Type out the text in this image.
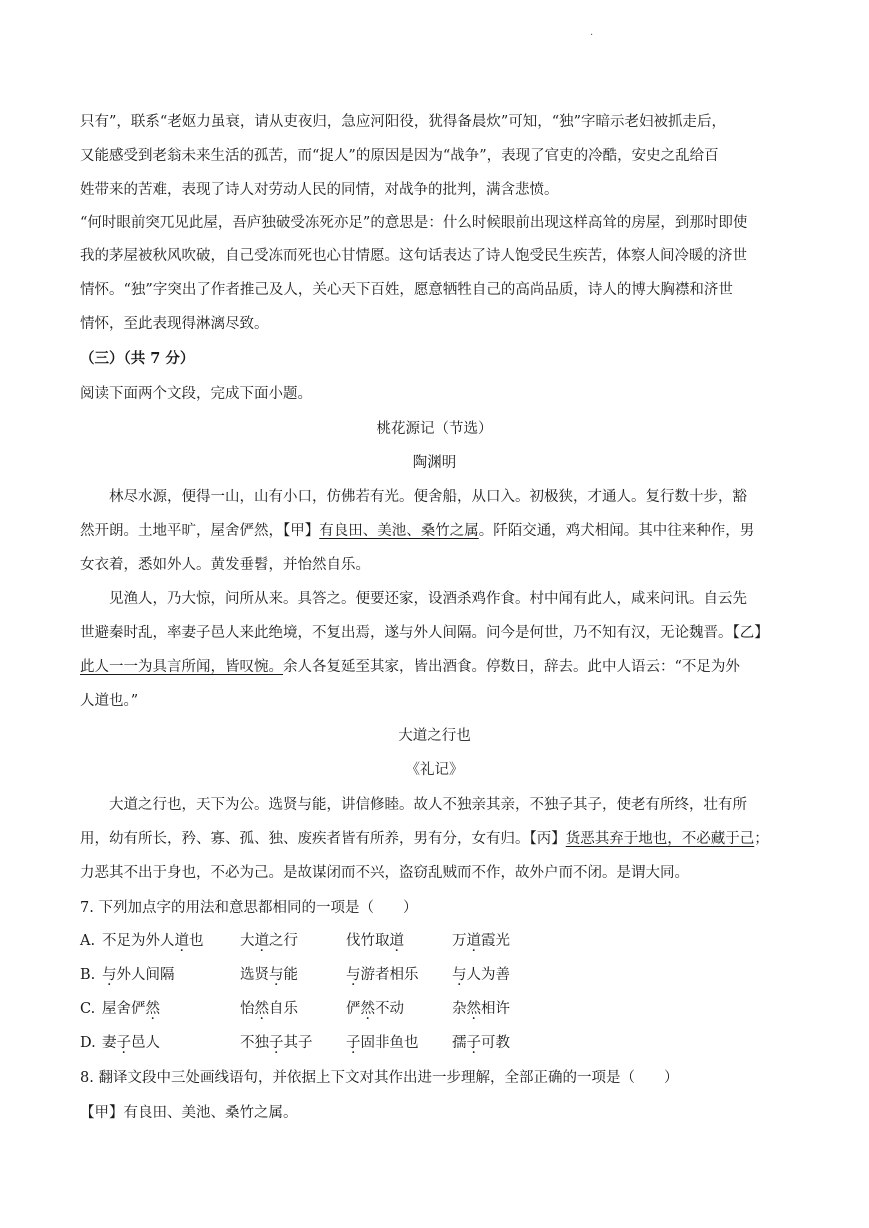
·
只有”，联系“老妪力虽衰，请从吏夜归，急应河阳役，犹得备晨炊”可知，“独”字暗示老妇被抓走后，
又能感受到老翁未来生活的孤苦，而“捉人”的原因是因为“战争”，表现了官吏的冷酷，安史之乱给百
姓带来的苦难，表现了诗人对劳动人民的同情，对战争的批判，满含悲愤。
“何时眼前突兀见此屋，吾庐独破受冻死亦足”的意思是：什么时候眼前出现这样高耸的房屋，到那时即使
我的茅屋被秋风吹破，自己受冻而死也心甘情愿。这句话表达了诗人饱受民生疾苦，体察人间冷暖的济世
情怀。“独”字突出了作者推己及人，关心天下百姓，愿意牺牲自己的高尚品质，诗人的博大胸襟和济世
情怀，至此表现得淋漓尽致。
（三）（共 7 分）
阅读下面两个文段，完成下面小题。
桃花源记（节选）
陶渊明
　　林尽水源，便得一山，山有小口，仿佛若有光。便舍船，从口入。初极狭，才通人。复行数十步，豁
然开朗。土地平旷，屋舍俨然，【甲】有良田、美池、桑竹之属。阡陌交通，鸡犬相闻。其中往来种作，男
女衣着，悉如外人。黄发垂髫，并怡然自乐。
　　见渔人，乃大惊，问所从来。具答之。便要还家，设酒杀鸡作食。村中闻有此人，咸来问讯。自云先
世避秦时乱，率妻子邑人来此绝境，不复出焉，遂与外人间隔。问今是何世，乃不知有汉，无论魏晋。【乙】
此人一一为具言所闻，皆叹惋。余人各复延至其家，皆出酒食。停数日，辞去。此中人语云：“不足为外
人道也。”
大道之行也
《礼记》
　　大道之行也，天下为公。选贤与能，讲信修睦。故人不独亲其亲，不独子其子，使老有所终，壮有所
用，幼有所长，矜、寡、孤、独、废疾者皆有所养，男有分，女有归。【丙】货恶其弃于地也，不必藏于己；
力恶其不出于身也，不必为己。是故谋闭而不兴，盗窃乱贼而不作，故外户而不闭。是谓大同。
7. 下列加点字的用法和意思都相同的一项是（　　）
A. 不足为外人道也	大道之行	伐竹取道	万道霞光
B. 与外人间隔	选贤与能	与游者相乐 与人为善
C. 屋舍俨然	怡然自乐	俨然不动	杂然相许
D. 妻子邑人	不独子其子 子固非鱼也 孺子可教
8. 翻译文段中三处画线语句，并依据上下文对其作出进一步理解，全部正确的一项是（　　）
【甲】有良田、美池、桑竹之属。
